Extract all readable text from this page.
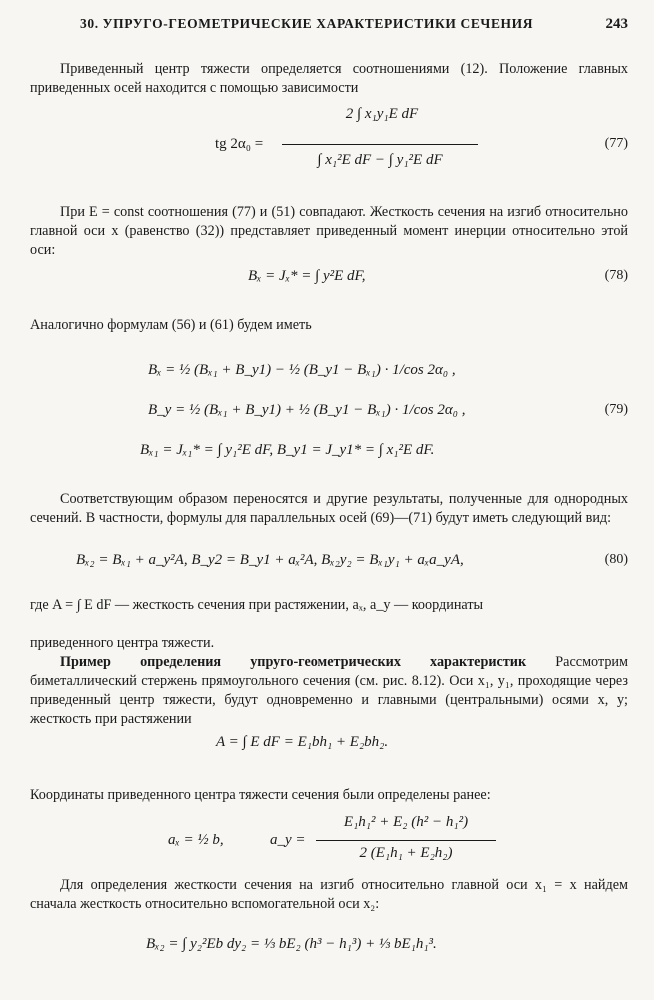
30. УПРУГО-ГЕОМЕТРИЧЕСКИЕ ХАРАКТЕРИСТИКИ СЕЧЕНИЯ	243
Приведенный центр тяжести определяется соотношениями (12). Положение главных приведенных осей находится с помощью зависимости
tg 2α₀ =
2 ∫ x₁y₁E dF
∫ x₁²E dF − ∫ y₁²E dF
(77)
При E = const соотношения (77) и (51) совпадают. Жесткость сечения на изгиб относительно главной оси x (равенство (32)) представляет приведенный момент инерции относительно этой оси:
Bₓ = Jₓ* = ∫ y²E dF,	(78)
Аналогично формулам (56) и (61) будем иметь
Bₓ = ½ (Bₓ₁ + B_y1) − ½ (B_y1 − Bₓ₁) · 1/cos 2α₀ ,
B_y = ½ (Bₓ₁ + B_y1) + ½ (B_y1 − Bₓ₁) · 1/cos 2α₀ ,
Bₓ₁ = Jₓ₁* = ∫ y₁²E dF, B_y1 = J_y1* = ∫ x₁²E dF.
(79)
Соответствующим образом переносятся и другие результаты, полученные для однородных сечений. В частности, формулы для параллельных осей (69)—(71) будут иметь следующий вид:
Bₓ₂ = Bₓ₁ + a_y²A, B_y2 = B_y1 + aₓ²A, Bₓ₂y₂ = Bₓ₁y₁ + aₓa_yA,	(80)
где A = ∫ E dF — жесткость сечения при растяжении, aₓ, a_y — координаты
приведенного центра тяжести.
Пример определения упруго-геометрических характеристик Рассмотрим биметаллический стержень прямоугольного сечения (см. рис. 8.12). Оси x₁, y₁, проходящие через приведенный центр тяжести, будут одновременно и главными (центральными) осями x, y; жесткость при растяжении
A = ∫ E dF = E₁bh₁ + E₂bh₂.
Координаты приведенного центра тяжести сечения были определены ранее:
aₓ = ½ b,	a_y =
E₁h₁² + E₂ (h² − h₁²)
2 (E₁h₁ + E₂h₂)
Для определения жесткости сечения на изгиб относительно главной оси x₁ = x найдем сначала жесткость относительно вспомогательной оси x₂:
Bₓ₂ = ∫ y₂²Eb dy₂ = ⅓ bE₂ (h³ − h₁³) + ⅓ bE₁h₁³.
